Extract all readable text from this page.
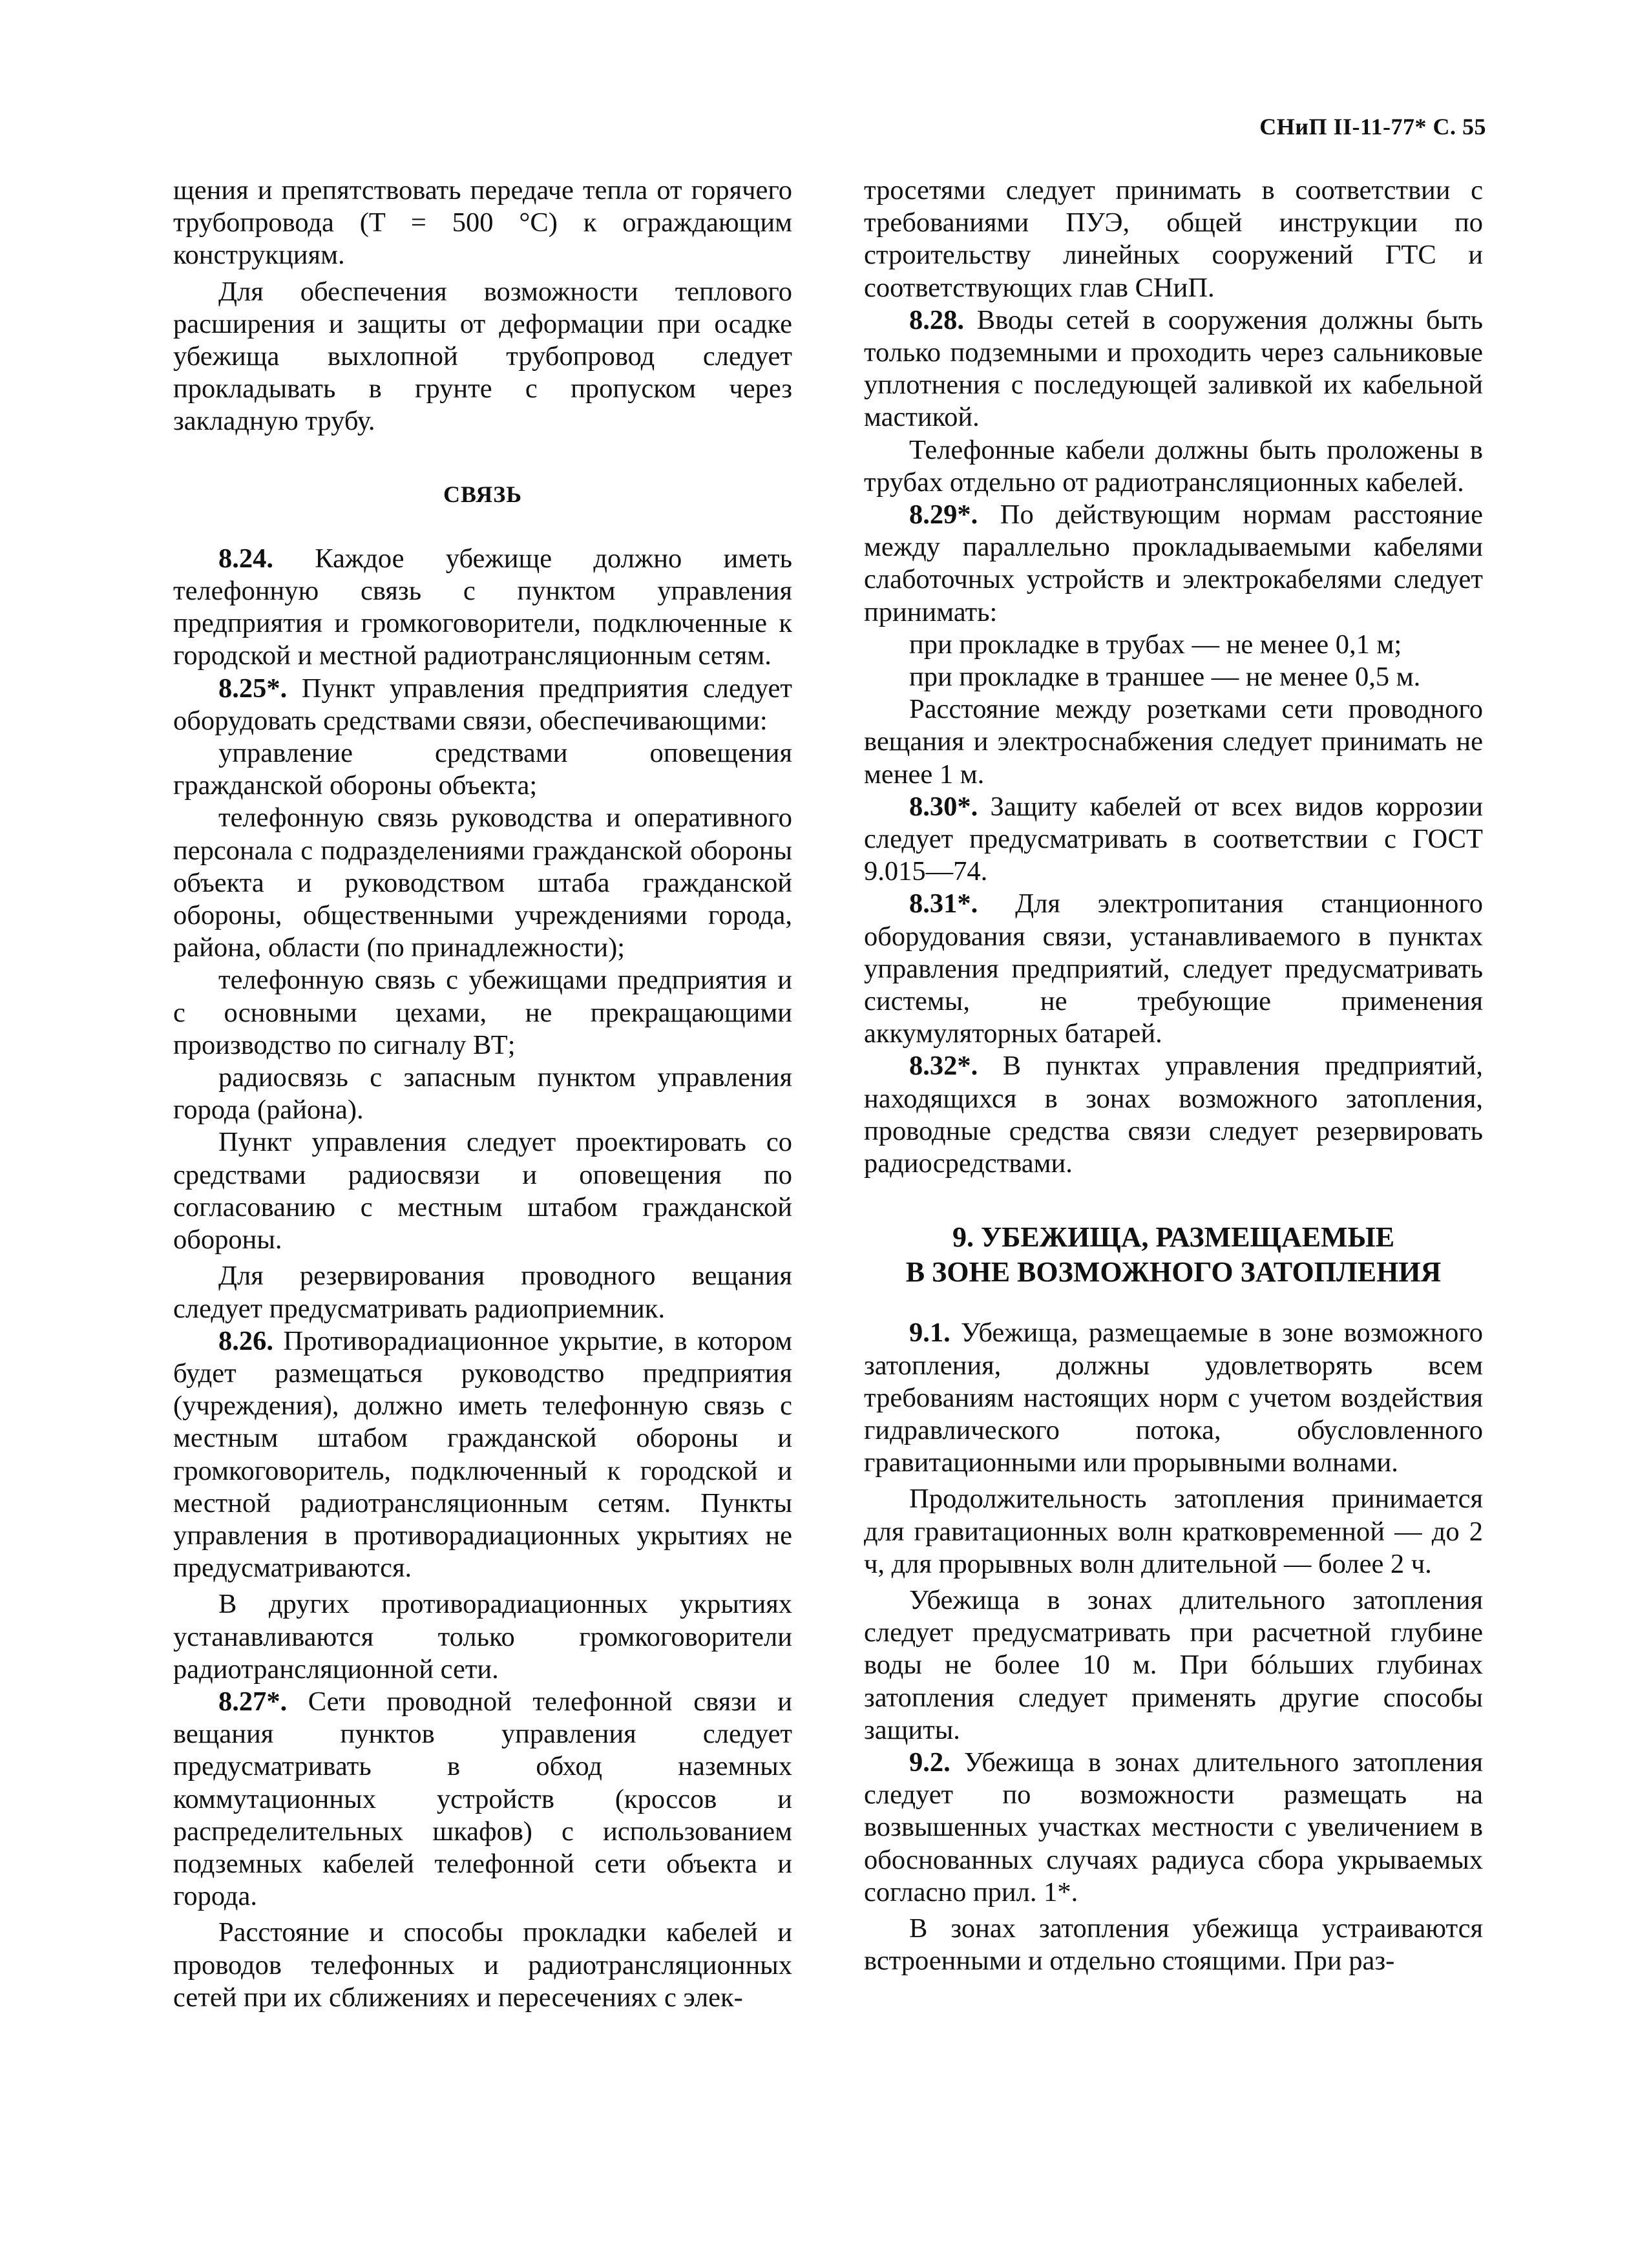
СНиП II-11-77* С. 55

щения и препятствовать передаче тепла от горячего трубопровода (T = 500 °C) к ограждающим конструкциям.

Для обеспечения возможности теплового расширения и защиты от деформации при осадке убежища выхлопной трубопровод следует прокладывать в грунте с пропуском через закладную трубу.

СВЯЗЬ

8.24. Каждое убежище должно иметь телефонную связь с пунктом управления предприятия и громкоговорители, подключенные к городской и местной радиотрансляционным сетям.

8.25*. Пункт управления предприятия следует оборудовать средствами связи, обеспечивающими:

управление средствами оповещения гражданской обороны объекта;

телефонную связь руководства и оперативного персонала с подразделениями гражданской обороны объекта и руководством штаба гражданской обороны, общественными учреждениями города, района, области (по принадлежности);

телефонную связь с убежищами предприятия и с основными цехами, не прекращающими производство по сигналу ВТ;

радиосвязь с запасным пунктом управления города (района).

Пункт управления следует проектировать со средствами радиосвязи и оповещения по согласованию с местным штабом гражданской обороны.

Для резервирования проводного вещания следует предусматривать радиоприемник.

8.26. Противорадиационное укрытие, в котором будет размещаться руководство предприятия (учреждения), должно иметь телефонную связь с местным штабом гражданской обороны и громкоговоритель, подключенный к городской и местной радиотрансляционным сетям. Пункты управления в противорадиационных укрытиях не предусматриваются.

В других противорадиационных укрытиях устанавливаются только громкоговорители радиотрансляционной сети.

8.27*. Сети проводной телефонной связи и вещания пунктов управления следует предусматривать в обход наземных коммутационных устройств (кроссов и распределительных шкафов) с использованием подземных кабелей телефонной сети объекта и города.

Расстояние и способы прокладки кабелей и проводов телефонных и радиотрансляционных сетей при их сближениях и пересечениях с элек-

тросетями следует принимать в соответствии с требованиями ПУЭ, общей инструкции по строительству линейных сооружений ГТС и соответствующих глав СНиП.

8.28. Вводы сетей в сооружения должны быть только подземными и проходить через сальниковые уплотнения с последующей заливкой их кабельной мастикой.

Телефонные кабели должны быть проложены в трубах отдельно от радиотрансляционных кабелей.

8.29*. По действующим нормам расстояние между параллельно прокладываемыми кабелями слаботочных устройств и электрокабелями следует принимать:

при прокладке в трубах — не менее 0,1 м;

при прокладке в траншее — не менее 0,5 м.

Расстояние между розетками сети проводного вещания и электроснабжения следует принимать не менее 1 м.

8.30*. Защиту кабелей от всех видов коррозии следует предусматривать в соответствии с ГОСТ 9.015—74.

8.31*. Для электропитания станционного оборудования связи, устанавливаемого в пунктах управления предприятий, следует предусматривать системы, не требующие применения аккумуляторных батарей.

8.32*. В пунктах управления предприятий, находящихся в зонах возможного затопления, проводные средства связи следует резервировать радиосредствами.

9. УБЕЖИЩА, РАЗМЕЩАЕМЫЕ
В ЗОНЕ ВОЗМОЖНОГО ЗАТОПЛЕНИЯ

9.1. Убежища, размещаемые в зоне возможного затопления, должны удовлетворять всем требованиям настоящих норм с учетом воздействия гидравлического потока, обусловленного гравитационными или прорывными волнами.

Продолжительность затопления принимается для гравитационных волн кратковременной — до 2 ч, для прорывных волн длительной — более 2 ч.

Убежища в зонах длительного затопления следует предусматривать при расчетной глубине воды не более 10 м. При бóльших глубинах затопления следует применять другие способы защиты.

9.2. Убежища в зонах длительного затопления следует по возможности размещать на возвышенных участках местности с увеличением в обоснованных случаях радиуса сбора укрываемых согласно прил. 1*.

В зонах затопления убежища устраиваются встроенными и отдельно стоящими. При раз-
